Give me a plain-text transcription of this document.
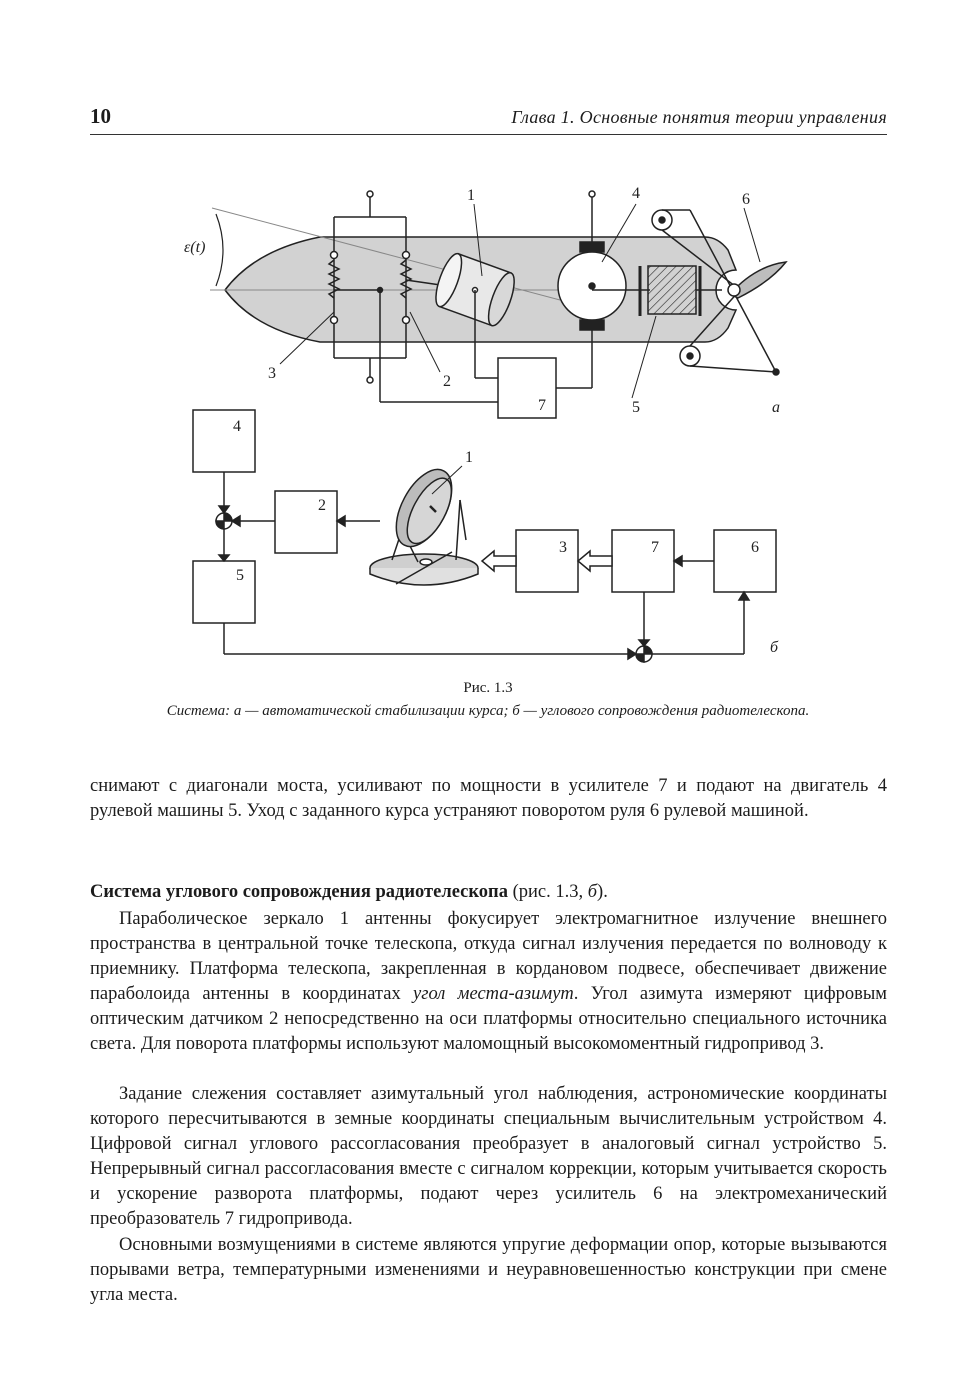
10	Глава 1. Основные понятия теории управления
ε(t)
1
2
3
4
5
6
7	а
4
2
5
3	7	6
1
б
Рис. 1.3
Система: а — автоматической стабилизации курса; б — углового сопровождения радиотелескопа.
снимают с диагонали моста, усиливают по мощности в усилителе 7 и подают на двигатель 4 рулевой машины 5. Уход с заданного курса устраняют поворотом руля 6 рулевой машиной.
Система углового сопровождения радиотелескопа (рис. 1.3, б).
Параболическое зеркало 1 антенны фокусирует электромагнитное излучение внешнего пространства в центральной точке телескопа, откуда сигнал излучения передается по волноводу к приемнику. Платформа телескопа, закрепленная в кордановом подвесе, обеспечивает движение параболоида антенны в координатах угол места-азимут. Угол азимута измеряют цифровым оптическим датчиком 2 непосредственно на оси платформы относительно специального источника света. Для поворота платформы используют маломощный высокомоментный гидропривод 3.
Задание слежения составляет азимутальный угол наблюдения, астрономические координаты которого пересчитываются в земные координаты специальным вычислительным устройством 4. Цифровой сигнал углового рассогласования преобразует в аналоговый сигнал устройство 5. Непрерывный сигнал рассогласования вместе с сигналом коррекции, которым учитывается скорость и ускорение разворота платформы, подают через усилитель 6 на электромеханический преобразователь 7 гидропривода.
Основными возмущениями в системе являются упругие деформации опор, которые вызываются порывами ветра, температурными изменениями и неуравновешенностью конструкции при смене угла места.
